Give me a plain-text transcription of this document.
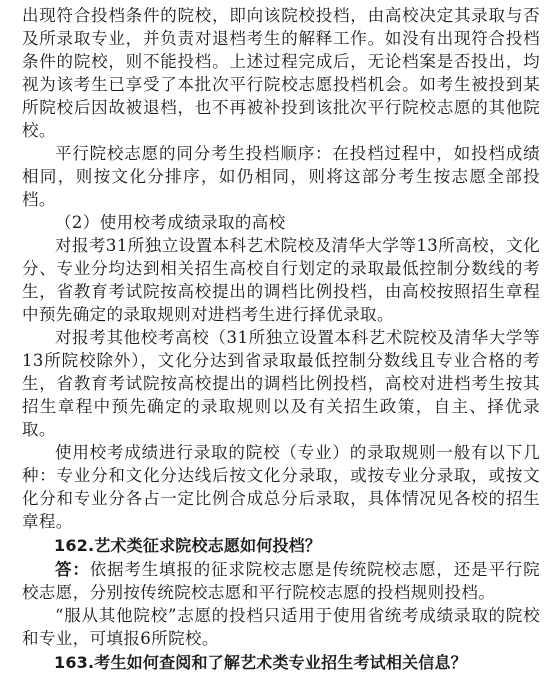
出现符合投档条件的院校，即向该院校投档，由高校决定其录取与否及所录取专业，并负责对退档考生的解释工作。如没有出现符合投档条件的院校，则不能投档。上述过程完成后，无论档案是否投出，均视为该考生已享受了本批次平行院校志愿投档机会。如考生被投到某所院校后因故被退档，也不再被补投到该批次平行院校志愿的其他院校。

平行院校志愿的同分考生投档顺序：在投档过程中，如投档成绩相同，则按文化分排序，如仍相同，则将这部分考生按志愿全部投档。

（2）使用校考成绩录取的高校

对报考31所独立设置本科艺术院校及清华大学等13所高校，文化分、专业分均达到相关招生高校自行划定的录取最低控制分数线的考生，省教育考试院按高校提出的调档比例投档，由高校按照招生章程中预先确定的录取规则对进档考生进行择优录取。

对报考其他校考高校（31所独立设置本科艺术院校及清华大学等13所院校除外），文化分达到省录取最低控制分数线且专业合格的考生，省教育考试院按高校提出的调档比例投档，高校对进档考生按其招生章程中预先确定的录取规则以及有关招生政策，自主、择优录取。

使用校考成绩进行录取的院校（专业）的录取规则一般有以下几种：专业分和文化分达线后按文化分录取，或按专业分录取，或按文化分和专业分各占一定比例合成总分后录取，具体情况见各校的招生章程。

162.艺术类征求院校志愿如何投档？

答：依据考生填报的征求院校志愿是传统院校志愿，还是平行院校志愿，分别按传统院校志愿和平行院校志愿的投档规则投档。

“服从其他院校”志愿的投档只适用于使用省统考成绩录取的院校和专业，可填报6所院校。

163.考生如何查阅和了解艺术类专业招生考试相关信息？
